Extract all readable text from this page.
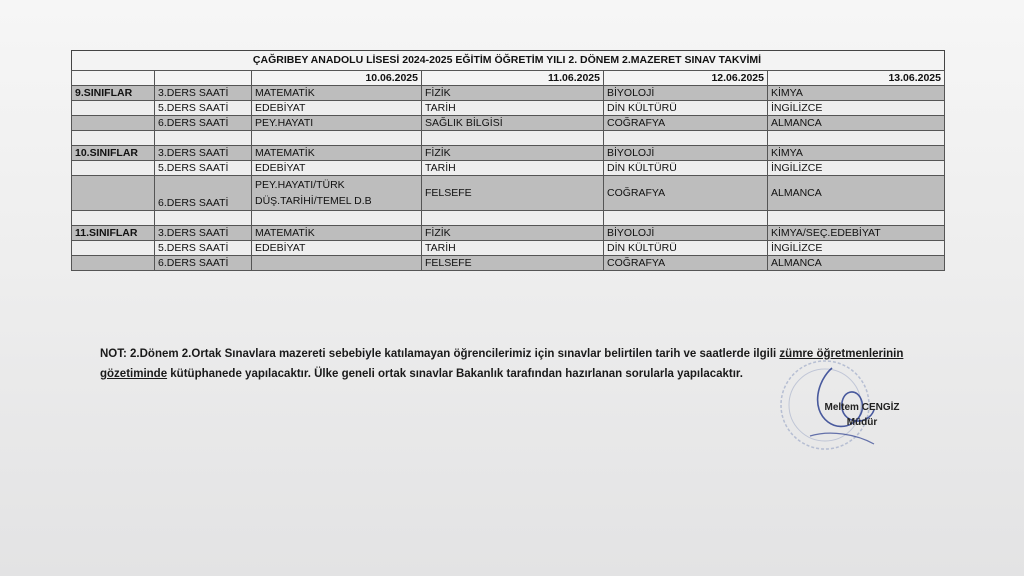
ÇAĞRIBEY ANADOLU LİSESİ 2024-2025 EĞİTİM ÖĞRETİM YILI 2. DÖNEM 2.MAZERET SINAV TAKVİMİ
		10.06.2025	11.06.2025	12.06.2025	13.06.2025
9.SINIFLAR	3.DERS SAATİ	MATEMATİK	FİZİK	BİYOLOJİ	KİMYA
	5.DERS SAATİ	EDEBİYAT	TARİH	DİN KÜLTÜRÜ	İNGİLİZCE
	6.DERS SAATİ	PEY.HAYATI	SAĞLIK BİLGİSİ	COĞRAFYA	ALMANCA

10.SINIFLAR	3.DERS SAATİ	MATEMATİK	FİZİK	BİYOLOJİ	KİMYA
	5.DERS SAATİ	EDEBİYAT	TARİH	DİN KÜLTÜRÜ	İNGİLİZCE
	6.DERS SAATİ	PEY.HAYATI/TÜRK DÜŞ.TARİHİ/TEMEL D.B	FELSEFE	COĞRAFYA	ALMANCA

11.SINIFLAR	3.DERS SAATİ	MATEMATİK	FİZİK	BİYOLOJİ	KİMYA/SEÇ.EDEBİYAT
	5.DERS SAATİ	EDEBİYAT	TARİH	DİN KÜLTÜRÜ	İNGİLİZCE
	6.DERS SAATİ		FELSEFE	COĞRAFYA	ALMANCA
NOT: 2.Dönem 2.Ortak Sınavlara mazereti sebebiyle katılamayan öğrencilerimiz için sınavlar belirtilen tarih ve saatlerde ilgili zümre öğretmenlerinin gözetiminde kütüphanede yapılacaktır. Ülke geneli ortak sınavlar Bakanlık tarafından hazırlanan sorularla yapılacaktır.
Meltem CENGİZ
Müdür
